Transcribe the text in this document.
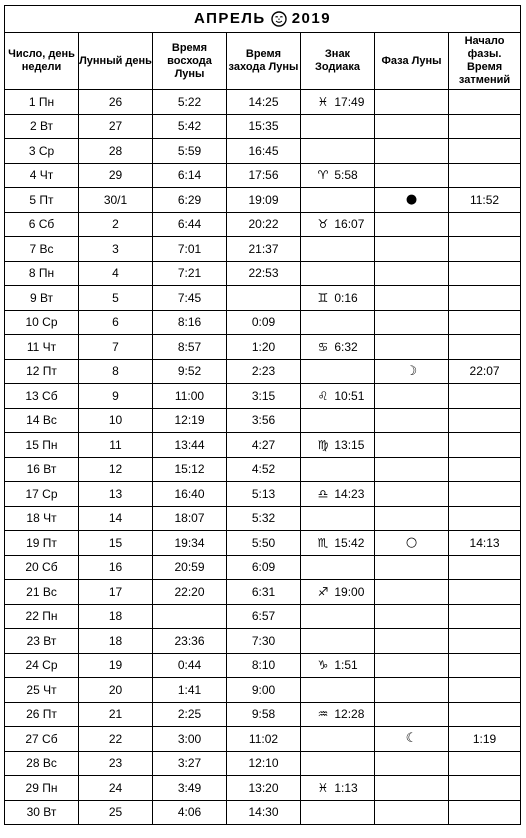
АПРЕЛЬ 2019						
Число, день недели	Лунный день	Время восхода Луны	Время захода Луны	Знак Зодиака	Фаза Луны	Начало фазы. Время затмений
1 Пн	26	5:22	14:25	♓ 17:49		
2 Вт	27	5:42	15:35			
3 Ср	28	5:59	16:45			
4 Чт	29	6:14	17:56	♈ 5:58		
5 Пт	30/1	6:29	19:09		●	11:52
6 Сб	2	6:44	20:22	♉ 16:07		
7 Вс	3	7:01	21:37			
8 Пн	4	7:21	22:53			
9 Вт	5	7:45		♊ 0:16		
10 Ср	6	8:16	0:09			
11 Чт	7	8:57	1:20	♋ 6:32		
12 Пт	8	9:52	2:23		☽	22:07
13 Сб	9	11:00	3:15	♌ 10:51		
14 Вс	10	12:19	3:56			
15 Пн	11	13:44	4:27	♍ 13:15		
16 Вт	12	15:12	4:52			
17 Ср	13	16:40	5:13	♎ 14:23		
18 Чт	14	18:07	5:32			
19 Пт	15	19:34	5:50	♏ 15:42	○	14:13
20 Сб	16	20:59	6:09			
21 Вс	17	22:20	6:31	♐ 19:00		
22 Пн	18		6:57			
23 Вт	18	23:36	7:30			
24 Ср	19	0:44	8:10	♑ 1:51		
25 Чт	20	1:41	9:00			
26 Пт	21	2:25	9:58	♒ 12:28		
27 Сб	22	3:00	11:02		☾	1:19
28 Вс	23	3:27	12:10			
29 Пн	24	3:49	13:20	♓ 1:13		
30 Вт	25	4:06	14:30			
